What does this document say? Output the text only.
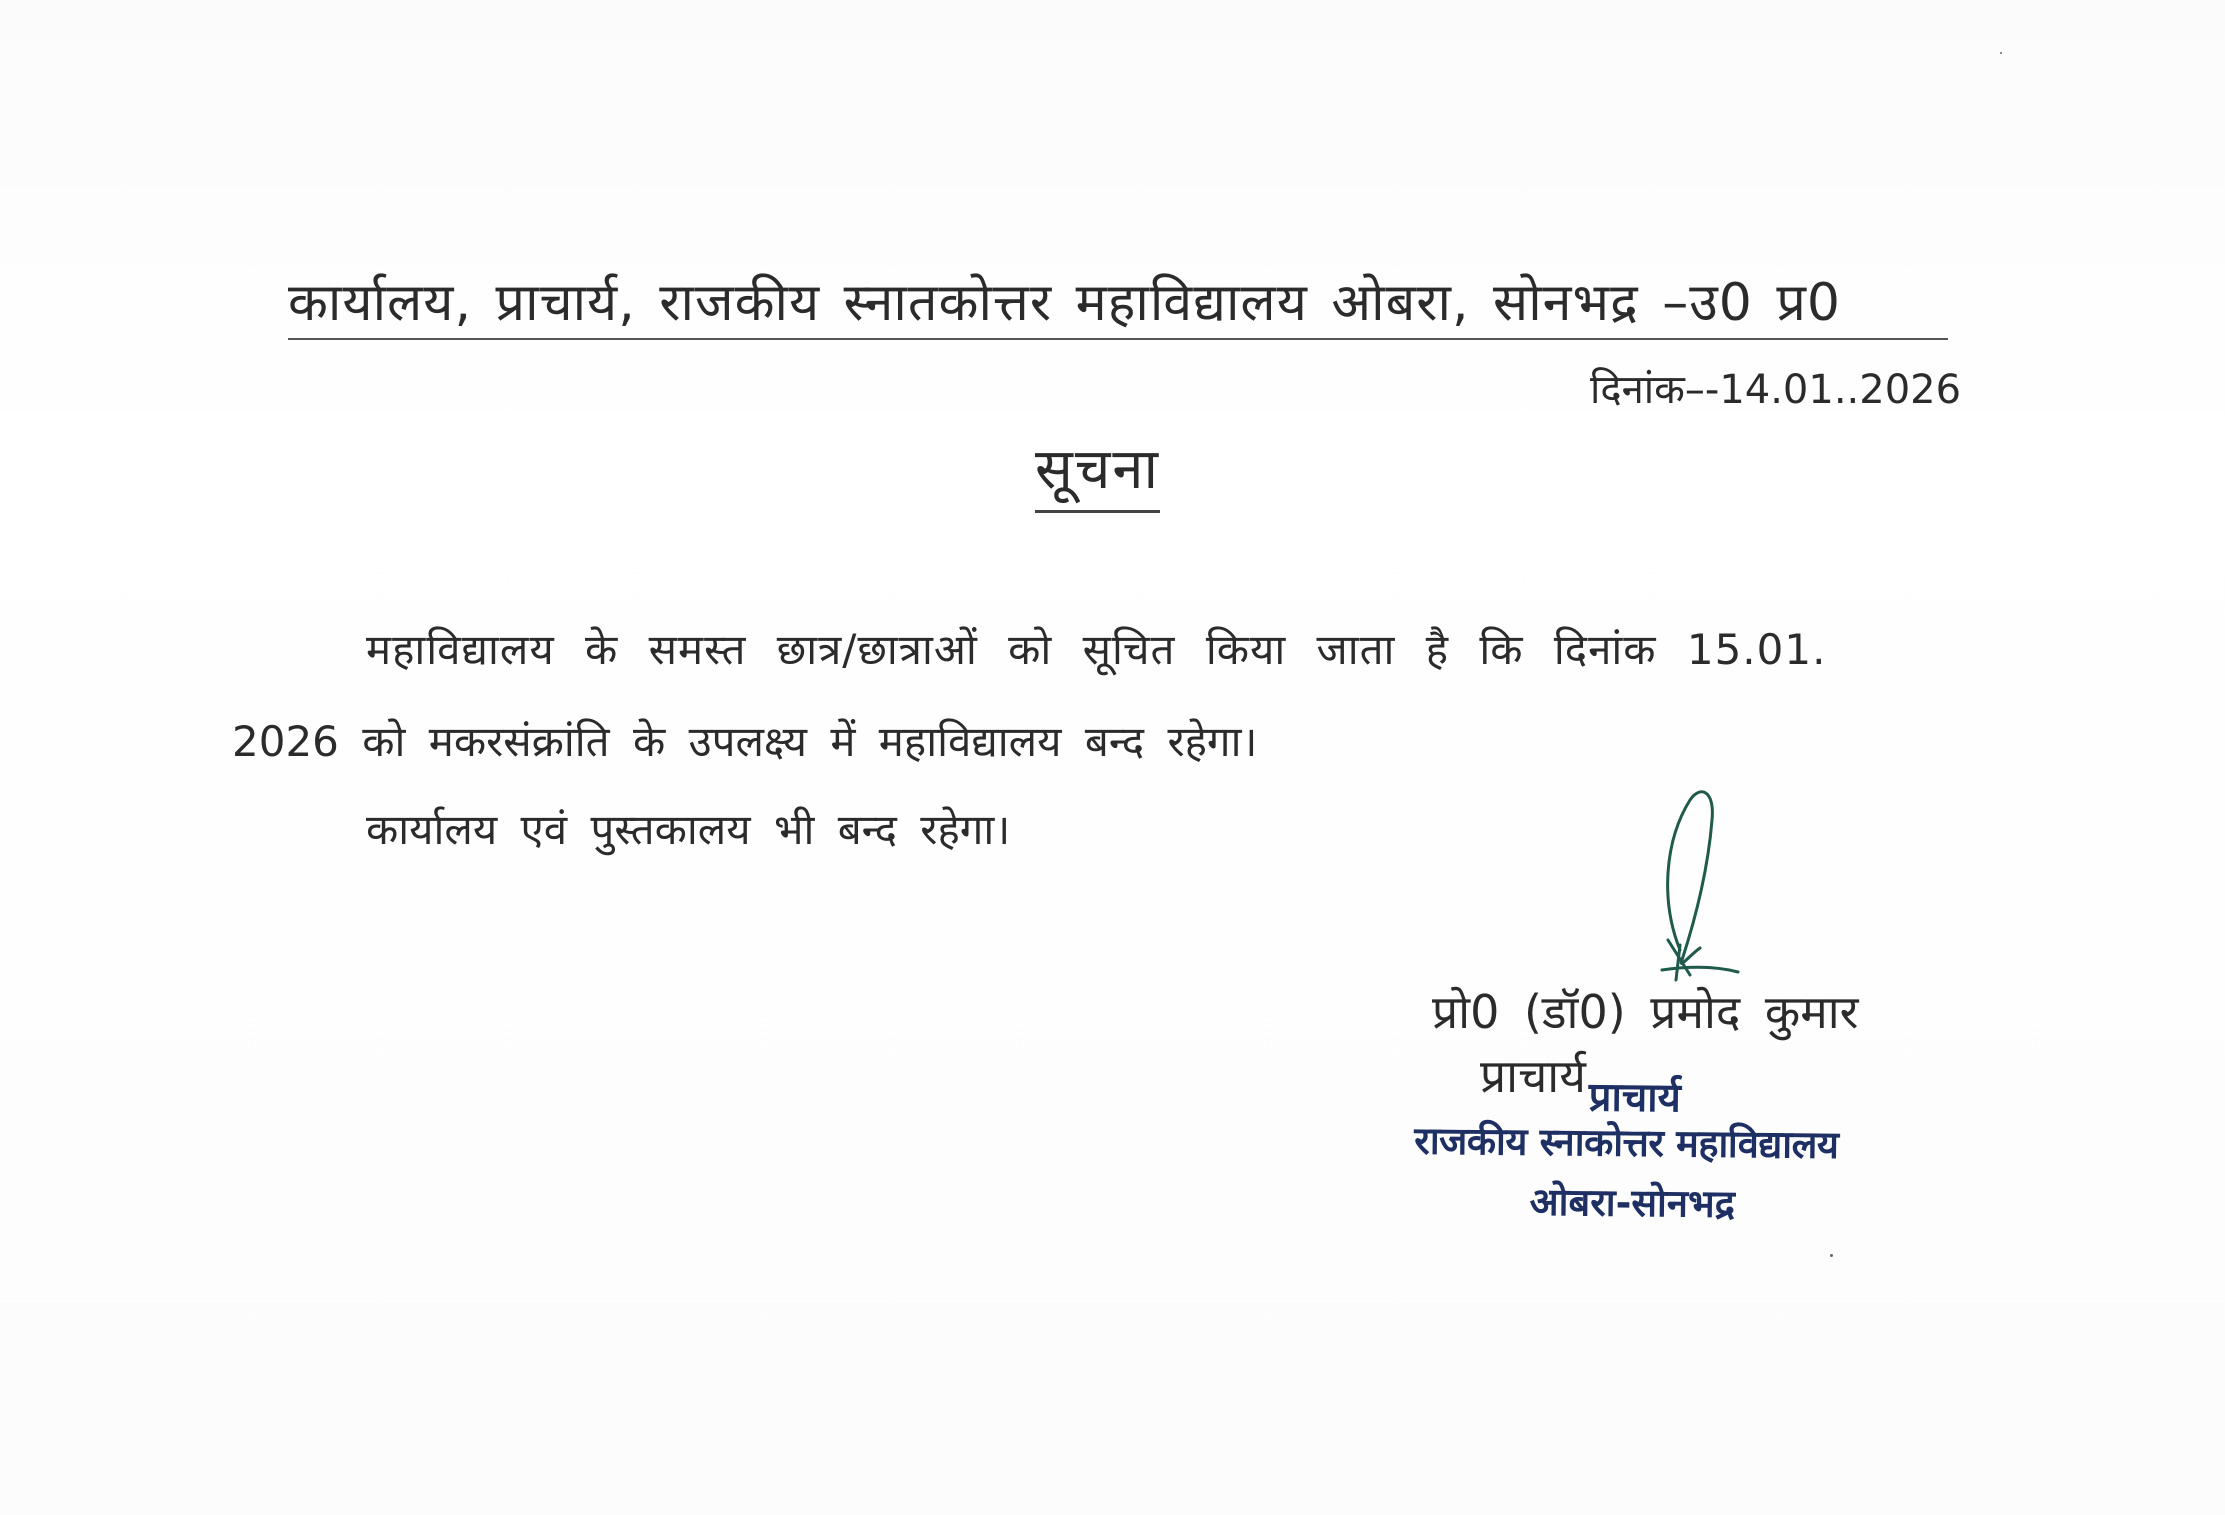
कार्यालय, प्राचार्य, राजकीय स्नातकोत्तर महाविद्यालय ओबरा, सोनभद्र –उ0 प्र0
दिनांक–-14.01..2026
सूचना
महाविद्यालय के समस्त छात्र/छात्राओं को सूचित किया जाता है कि दिनांक 15.01.
2026 को मकरसंक्रांति के उपलक्ष्य में महाविद्यालय बन्द रहेगा।
कार्यालय एवं पुस्तकालय भी बन्द रहेगा।
प्रो0 (डॉ0) प्रमोद कुमार
प्राचार्य प्राचार्य
राजकीय स्नाकोत्तर महाविद्यालय
ओबरा-सोनभद्र
